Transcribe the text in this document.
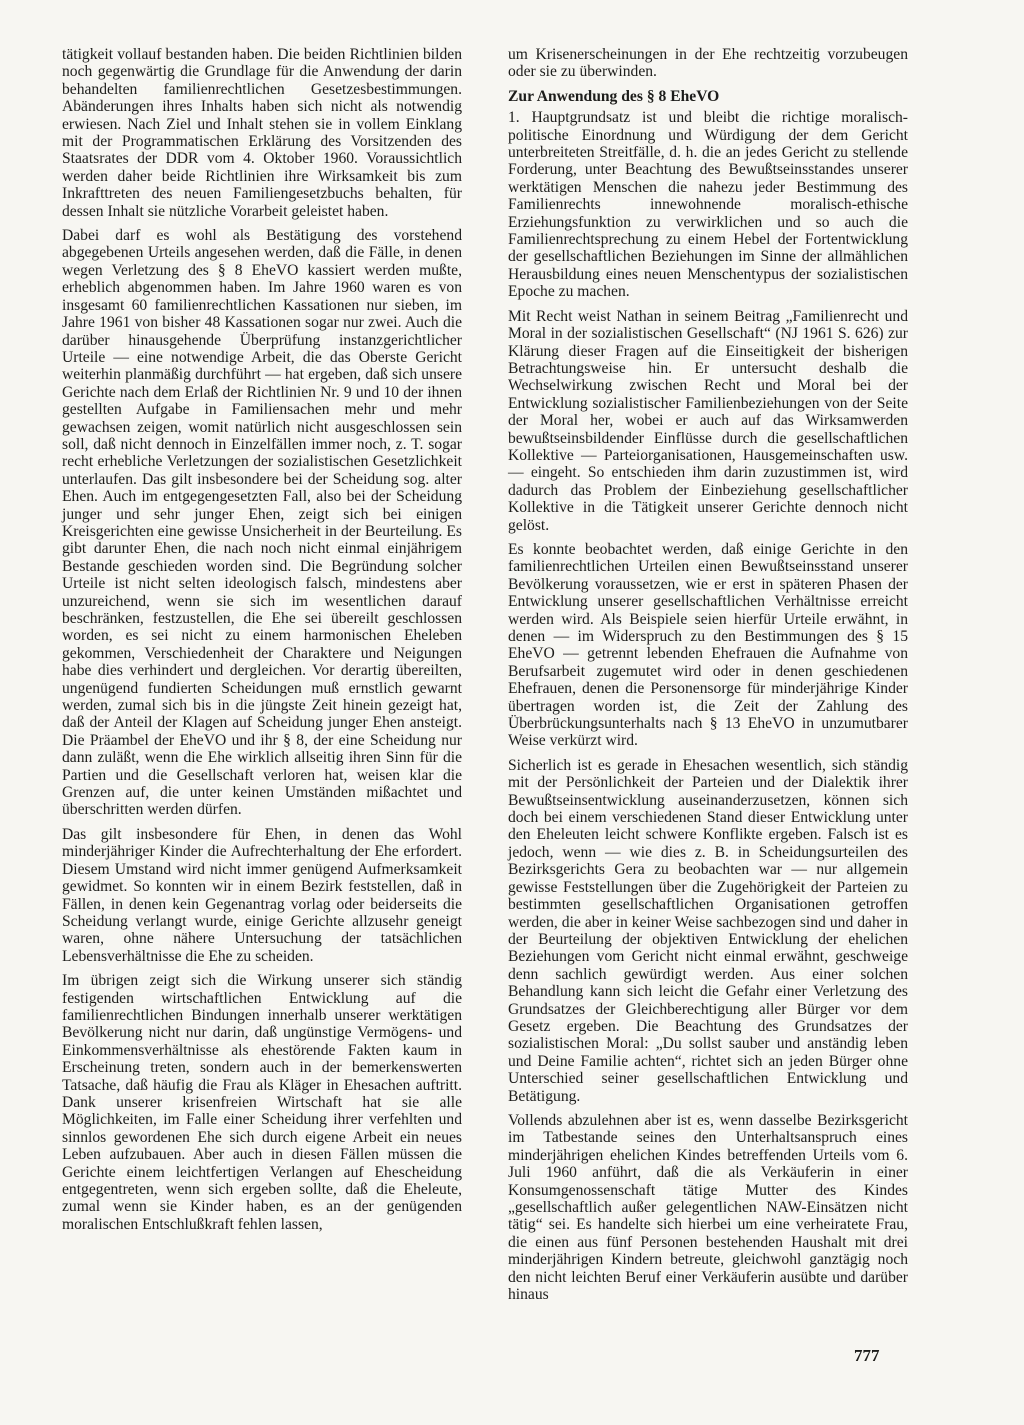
tätigkeit vollauf bestanden haben. Die beiden Richtlinien bilden noch gegenwärtig die Grundlage für die Anwendung der darin behandelten familienrechtlichen Gesetzesbestimmungen. Abänderungen ihres Inhalts haben sich nicht als notwendig erwiesen. Nach Ziel und Inhalt stehen sie in vollem Einklang mit der Programmatischen Erklärung des Vorsitzenden des Staatsrates der DDR vom 4. Oktober 1960. Voraussichtlich werden daher beide Richtlinien ihre Wirksamkeit bis zum Inkrafttreten des neuen Familiengesetzbuchs behalten, für dessen Inhalt sie nützliche Vorarbeit geleistet haben.

Dabei darf es wohl als Bestätigung des vorstehend abgegebenen Urteils angesehen werden, daß die Fälle, in denen wegen Verletzung des § 8 EheVO kassiert werden mußte, erheblich abgenommen haben. Im Jahre 1960 waren es von insgesamt 60 familienrechtlichen Kassationen nur sieben, im Jahre 1961 von bisher 48 Kassationen sogar nur zwei. Auch die darüber hinausgehende Überprüfung instanzgerichtlicher Urteile — eine notwendige Arbeit, die das Oberste Gericht weiterhin planmäßig durchführt — hat ergeben, daß sich unsere Gerichte nach dem Erlaß der Richtlinien Nr. 9 und 10 der ihnen gestellten Aufgabe in Familiensachen mehr und mehr gewachsen zeigen, womit natürlich nicht ausgeschlossen sein soll, daß nicht dennoch in Einzelfällen immer noch, z. T. sogar recht erhebliche Verletzungen der sozialistischen Gesetzlichkeit unterlaufen. Das gilt insbesondere bei der Scheidung sog. alter Ehen. Auch im entgegengesetzten Fall, also bei der Scheidung junger und sehr junger Ehen, zeigt sich bei einigen Kreisgerichten eine gewisse Unsicherheit in der Beurteilung. Es gibt darunter Ehen, die nach noch nicht einmal einjährigem Bestande geschieden worden sind. Die Begründung solcher Urteile ist nicht selten ideologisch falsch, mindestens aber unzureichend, wenn sie sich im wesentlichen darauf beschränken, festzustellen, die Ehe sei übereilt geschlossen worden, es sei nicht zu einem harmonischen Eheleben gekommen, Verschiedenheit der Charaktere und Neigungen habe dies verhindert und dergleichen. Vor derartig übereilten, ungenügend fundierten Scheidungen muß ernstlich gewarnt werden, zumal sich bis in die jüngste Zeit hinein gezeigt hat, daß der Anteil der Klagen auf Scheidung junger Ehen ansteigt. Die Präambel der EheVO und ihr § 8, der eine Scheidung nur dann zuläßt, wenn die Ehe wirklich allseitig ihren Sinn für die Partien und die Gesellschaft verloren hat, weisen klar die Grenzen auf, die unter keinen Umständen mißachtet und überschritten werden dürfen.

Das gilt insbesondere für Ehen, in denen das Wohl minderjähriger Kinder die Aufrechterhaltung der Ehe erfordert. Diesem Umstand wird nicht immer genügend Aufmerksamkeit gewidmet. So konnten wir in einem Bezirk feststellen, daß in Fällen, in denen kein Gegenantrag vorlag oder beiderseits die Scheidung verlangt wurde, einige Gerichte allzusehr geneigt waren, ohne nähere Untersuchung der tatsächlichen Lebensverhältnisse die Ehe zu scheiden.

Im übrigen zeigt sich die Wirkung unserer sich ständig festigenden wirtschaftlichen Entwicklung auf die familienrechtlichen Bindungen innerhalb unserer werktätigen Bevölkerung nicht nur darin, daß ungünstige Vermögens- und Einkommensverhältnisse als ehestörende Fakten kaum in Erscheinung treten, sondern auch in der bemerkenswerten Tatsache, daß häufig die Frau als Kläger in Ehesachen auftritt. Dank unserer krisenfreien Wirtschaft hat sie alle Möglichkeiten, im Falle einer Scheidung ihrer verfehlten und sinnlos gewordenen Ehe sich durch eigene Arbeit ein neues Leben aufzubauen. Aber auch in diesen Fällen müssen die Gerichte einem leichtfertigen Verlangen auf Ehescheidung entgegentreten, wenn sich ergeben sollte, daß die Eheleute, zumal wenn sie Kinder haben, es an der genügenden moralischen Entschlußkraft fehlen lassen,

um Krisenerscheinungen in der Ehe rechtzeitig vorzubeugen oder sie zu überwinden.

Zur Anwendung des § 8 EheVO

1. Hauptgrundsatz ist und bleibt die richtige moralisch-politische Einordnung und Würdigung der dem Gericht unterbreiteten Streitfälle, d. h. die an jedes Gericht zu stellende Forderung, unter Beachtung des Bewußtseinsstandes unserer werktätigen Menschen die nahezu jeder Bestimmung des Familienrechts innewohnende moralisch-ethische Erziehungsfunktion zu verwirklichen und so auch die Familienrechtsprechung zu einem Hebel der Fortentwicklung der gesellschaftlichen Beziehungen im Sinne der allmählichen Herausbildung eines neuen Menschentypus der sozialistischen Epoche zu machen.

Mit Recht weist Nathan in seinem Beitrag „Familienrecht und Moral in der sozialistischen Gesellschaft“ (NJ 1961 S. 626) zur Klärung dieser Fragen auf die Einseitigkeit der bisherigen Betrachtungsweise hin. Er untersucht deshalb die Wechselwirkung zwischen Recht und Moral bei der Entwicklung sozialistischer Familienbeziehungen von der Seite der Moral her, wobei er auch auf das Wirksamwerden bewußtseinsbildender Einflüsse durch die gesellschaftlichen Kollektive — Parteiorganisationen, Hausgemeinschaften usw. — eingeht. So entschieden ihm darin zuzustimmen ist, wird dadurch das Problem der Einbeziehung gesellschaftlicher Kollektive in die Tätigkeit unserer Gerichte dennoch nicht gelöst.

Es konnte beobachtet werden, daß einige Gerichte in den familienrechtlichen Urteilen einen Bewußtseinsstand unserer Bevölkerung voraussetzen, wie er erst in späteren Phasen der Entwicklung unserer gesellschaftlichen Verhältnisse erreicht werden wird. Als Beispiele seien hierfür Urteile erwähnt, in denen — im Widerspruch zu den Bestimmungen des § 15 EheVO — getrennt lebenden Ehefrauen die Aufnahme von Berufsarbeit zugemutet wird oder in denen geschiedenen Ehefrauen, denen die Personensorge für minderjährige Kinder übertragen worden ist, die Zeit der Zahlung des Überbrückungsunterhalts nach § 13 EheVO in unzumutbarer Weise verkürzt wird.

Sicherlich ist es gerade in Ehesachen wesentlich, sich ständig mit der Persönlichkeit der Parteien und der Dialektik ihrer Bewußtseinsentwicklung auseinanderzusetzen, können sich doch bei einem verschiedenen Stand dieser Entwicklung unter den Eheleuten leicht schwere Konflikte ergeben. Falsch ist es jedoch, wenn — wie dies z. B. in Scheidungsurteilen des Bezirksgerichts Gera zu beobachten war — nur allgemein gewisse Feststellungen über die Zugehörigkeit der Parteien zu bestimmten gesellschaftlichen Organisationen getroffen werden, die aber in keiner Weise sachbezogen sind und daher in der Beurteilung der objektiven Entwicklung der ehelichen Beziehungen vom Gericht nicht einmal erwähnt, geschweige denn sachlich gewürdigt werden. Aus einer solchen Behandlung kann sich leicht die Gefahr einer Verletzung des Grundsatzes der Gleichberechtigung aller Bürger vor dem Gesetz ergeben. Die Beachtung des Grundsatzes der sozialistischen Moral: „Du sollst sauber und anständig leben und Deine Familie achten“, richtet sich an jeden Bürger ohne Unterschied seiner gesellschaftlichen Entwicklung und Betätigung.

Vollends abzulehnen aber ist es, wenn dasselbe Bezirksgericht im Tatbestande seines den Unterhaltsanspruch eines minderjährigen ehelichen Kindes betreffenden Urteils vom 6. Juli 1960 anführt, daß die als Verkäuferin in einer Konsumgenossenschaft tätige Mutter des Kindes „gesellschaftlich außer gelegentlichen NAW-Einsätzen nicht tätig“ sei. Es handelte sich hierbei um eine verheiratete Frau, die einen aus fünf Personen bestehenden Haushalt mit drei minderjährigen Kindern betreute, gleichwohl ganztägig noch den nicht leichten Beruf einer Verkäuferin ausübte und darüber hinaus

777
